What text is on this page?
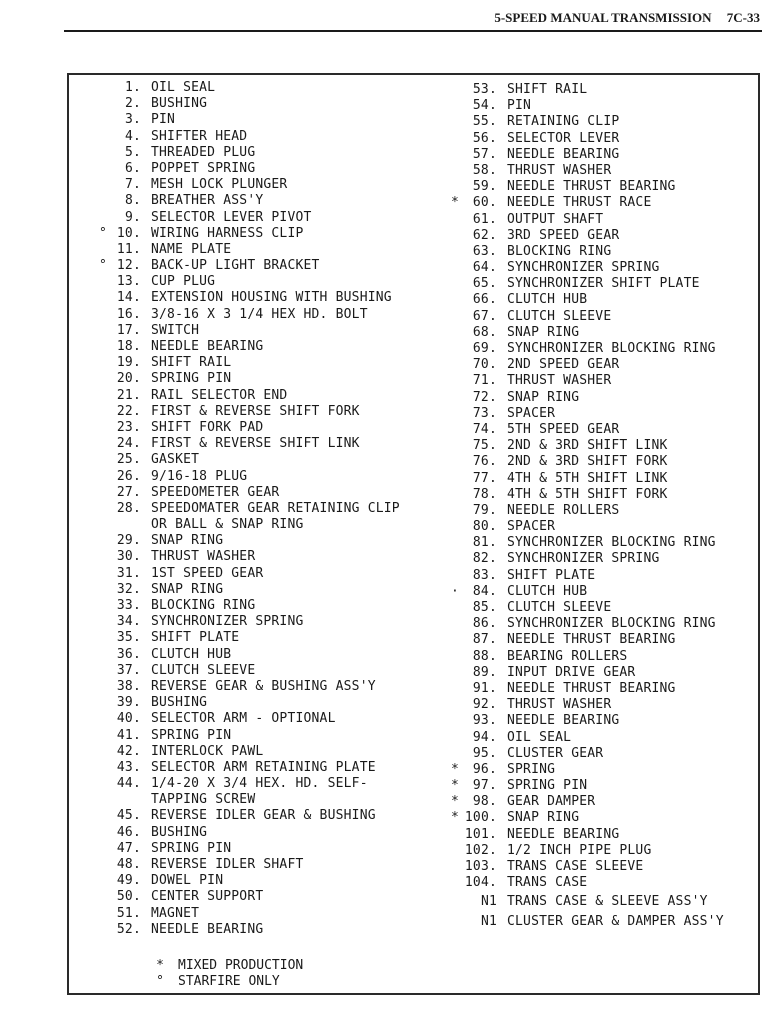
5-SPEED MANUAL TRANSMISSION 7C-33
1. OIL SEAL
2. BUSHING
3. PIN
4. SHIFTER HEAD
5. THREADED PLUG
6. POPPET SPRING
7. MESH LOCK PLUNGER
8. BREATHER ASS'Y
9. SELECTOR LEVER PIVOT
° 10. WIRING HARNESS CLIP
11. NAME PLATE
° 12. BACK-UP LIGHT BRACKET
13. CUP PLUG
14. EXTENSION HOUSING WITH BUSHING
16. 3/8-16 X 3 1/4 HEX HD. BOLT
17. SWITCH
18. NEEDLE BEARING
19. SHIFT RAIL
20. SPRING PIN
21. RAIL SELECTOR END
22. FIRST & REVERSE SHIFT FORK
23. SHIFT FORK PAD
24. FIRST & REVERSE SHIFT LINK
25. GASKET
26. 9/16-18 PLUG
27. SPEEDOMETER GEAR
28. SPEEDOMATER GEAR RETAINING CLIP
OR BALL & SNAP RING
29. SNAP RING
30. THRUST WASHER
31. 1ST SPEED GEAR
32. SNAP RING
33. BLOCKING RING
34. SYNCHRONIZER SPRING
35. SHIFT PLATE
36. CLUTCH HUB
37. CLUTCH SLEEVE
38. REVERSE GEAR & BUSHING ASS'Y
39. BUSHING
40. SELECTOR ARM - OPTIONAL
41. SPRING PIN
42. INTERLOCK PAWL
43. SELECTOR ARM RETAINING PLATE
44. 1/4-20 X 3/4 HEX. HD. SELF-
TAPPING SCREW
45. REVERSE IDLER GEAR & BUSHING
46. BUSHING
47. SPRING PIN
48. REVERSE IDLER SHAFT
49. DOWEL PIN
50. CENTER SUPPORT
51. MAGNET
52. NEEDLE BEARING
53. SHIFT RAIL
54. PIN
55. RETAINING CLIP
56. SELECTOR LEVER
57. NEEDLE BEARING
58. THRUST WASHER
59. NEEDLE THRUST BEARING
* 60. NEEDLE THRUST RACE
61. OUTPUT SHAFT
62. 3RD SPEED GEAR
63. BLOCKING RING
64. SYNCHRONIZER SPRING
65. SYNCHRONIZER SHIFT PLATE
66. CLUTCH HUB
67. CLUTCH SLEEVE
68. SNAP RING
69. SYNCHRONIZER BLOCKING RING
70. 2ND SPEED GEAR
71. THRUST WASHER
72. SNAP RING
73. SPACER
74. 5TH SPEED GEAR
75. 2ND & 3RD SHIFT LINK
76. 2ND & 3RD SHIFT FORK
77. 4TH & 5TH SHIFT LINK
78. 4TH & 5TH SHIFT FORK
79. NEEDLE ROLLERS
80. SPACER
81. SYNCHRONIZER BLOCKING RING
82. SYNCHRONIZER SPRING
83. SHIFT PLATE
· 84. CLUTCH HUB
85. CLUTCH SLEEVE
86. SYNCHRONIZER BLOCKING RING
87. NEEDLE THRUST BEARING
88. BEARING ROLLERS
89. INPUT DRIVE GEAR
91. NEEDLE THRUST BEARING
92. THRUST WASHER
93. NEEDLE BEARING
94. OIL SEAL
95. CLUSTER GEAR
* 96. SPRING
* 97. SPRING PIN
* 98. GEAR DAMPER
* 100. SNAP RING
101. NEEDLE BEARING
102. 1/2 INCH PIPE PLUG
103. TRANS CASE SLEEVE
104. TRANS CASE
N1 TRANS CASE & SLEEVE ASS'Y
N1 CLUSTER GEAR & DAMPER ASS'Y
* MIXED PRODUCTION
° STARFIRE ONLY
